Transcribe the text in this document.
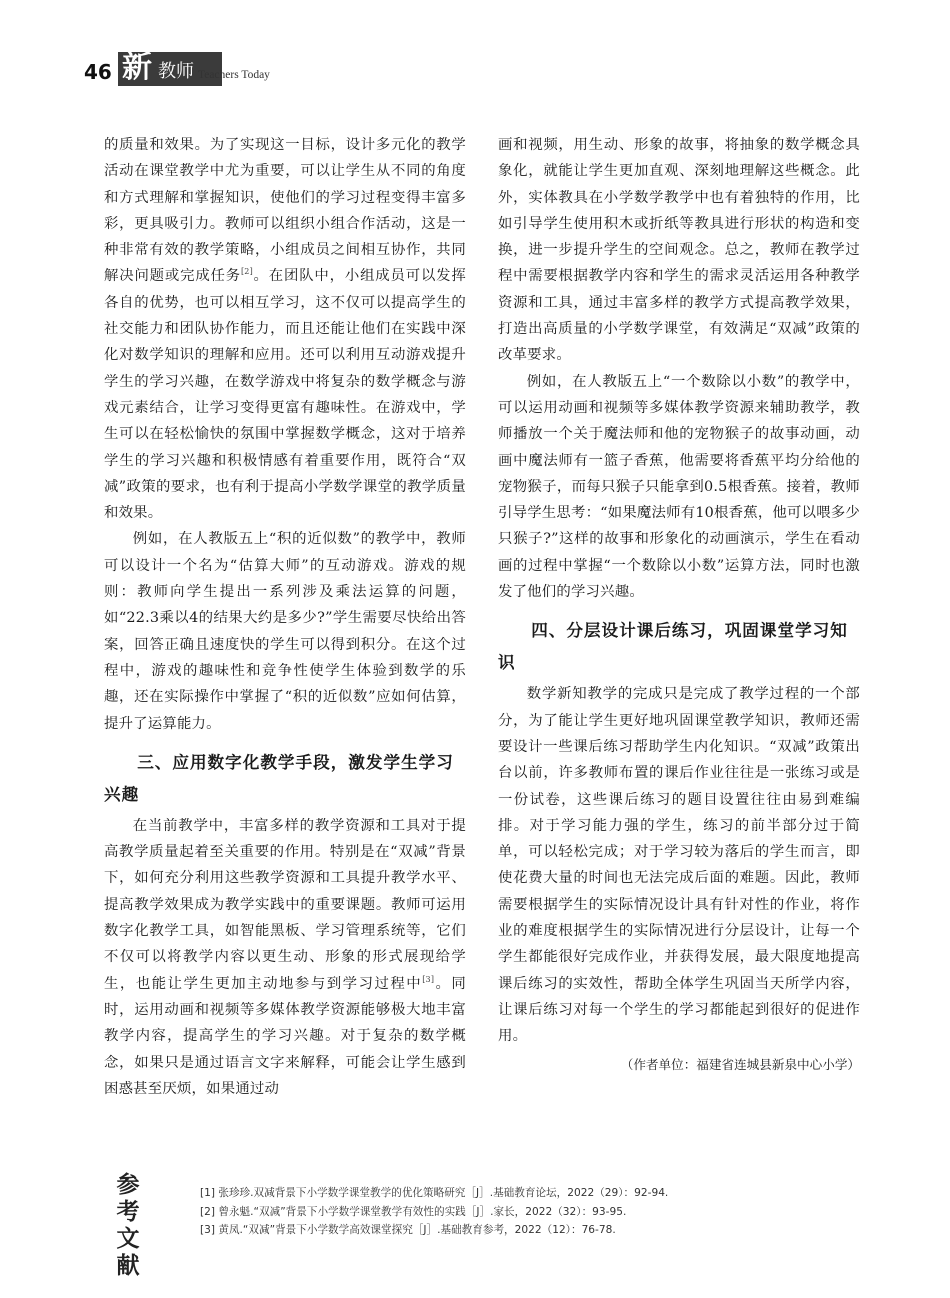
46 新 教师 Teachers Today

的质量和效果。为了实现这一目标，设计多元化的教学活动在课堂教学中尤为重要，可以让学生从不同的角度和方式理解和掌握知识，使他们的学习过程变得丰富多彩，更具吸引力。教师可以组织小组合作活动，这是一种非常有效的教学策略，小组成员之间相互协作，共同解决问题或完成任务[2]。在团队中，小组成员可以发挥各自的优势，也可以相互学习，这不仅可以提高学生的社交能力和团队协作能力，而且还能让他们在实践中深化对数学知识的理解和应用。还可以利用互动游戏提升学生的学习兴趣，在数学游戏中将复杂的数学概念与游戏元素结合，让学习变得更富有趣味性。在游戏中，学生可以在轻松愉快的氛围中掌握数学概念，这对于培养学生的学习兴趣和积极情感有着重要作用，既符合“双减”政策的要求，也有利于提高小学数学课堂的教学质量和效果。

例如，在人教版五上“积的近似数”的教学中，教师可以设计一个名为“估算大师”的互动游戏。游戏的规则：教师向学生提出一系列涉及乘法运算的问题，如“22.3乘以4的结果大约是多少?”学生需要尽快给出答案，回答正确且速度快的学生可以得到积分。在这个过程中，游戏的趣味性和竞争性使学生体验到数学的乐趣，还在实际操作中掌握了“积的近似数”应如何估算，提升了运算能力。

三、应用数字化教学手段，激发学生学习兴趣

在当前教学中，丰富多样的教学资源和工具对于提高教学质量起着至关重要的作用。特别是在“双减”背景下，如何充分利用这些教学资源和工具提升教学水平、提高教学效果成为教学实践中的重要课题。教师可运用数字化教学工具，如智能黑板、学习管理系统等，它们不仅可以将教学内容以更生动、形象的形式展现给学生，也能让学生更加主动地参与到学习过程中[3]。同时，运用动画和视频等多媒体教学资源能够极大地丰富教学内容，提高学生的学习兴趣。对于复杂的数学概念，如果只是通过语言文字来解释，可能会让学生感到困惑甚至厌烦，如果通过动

画和视频，用生动、形象的故事，将抽象的数学概念具象化，就能让学生更加直观、深刻地理解这些概念。此外，实体教具在小学数学教学中也有着独特的作用，比如引导学生使用积木或折纸等教具进行形状的构造和变换，进一步提升学生的空间观念。总之，教师在教学过程中需要根据教学内容和学生的需求灵活运用各种教学资源和工具，通过丰富多样的教学方式提高教学效果，打造出高质量的小学数学课堂，有效满足“双减”政策的改革要求。

例如，在人教版五上“一个数除以小数”的教学中，可以运用动画和视频等多媒体教学资源来辅助教学，教师播放一个关于魔法师和他的宠物猴子的故事动画，动画中魔法师有一篮子香蕉，他需要将香蕉平均分给他的宠物猴子，而每只猴子只能拿到0.5根香蕉。接着，教师引导学生思考：“如果魔法师有10根香蕉，他可以喂多少只猴子?”这样的故事和形象化的动画演示，学生在看动画的过程中掌握“一个数除以小数”运算方法，同时也激发了他们的学习兴趣。

四、分层设计课后练习，巩固课堂学习知识

数学新知教学的完成只是完成了教学过程的一个部分，为了能让学生更好地巩固课堂教学知识，教师还需要设计一些课后练习帮助学生内化知识。“双减”政策出台以前，许多教师布置的课后作业往往是一张练习或是一份试卷，这些课后练习的题目设置往往由易到难编排。对于学习能力强的学生，练习的前半部分过于简单，可以轻松完成；对于学习较为落后的学生而言，即使花费大量的时间也无法完成后面的难题。因此，教师需要根据学生的实际情况设计具有针对性的作业，将作业的难度根据学生的实际情况进行分层设计，让每一个学生都能很好完成作业，并获得发展，最大限度地提高课后练习的实效性，帮助全体学生巩固当天所学内容，让课后练习对每一个学生的学习都能起到很好的促进作用。

（作者单位：福建省连城县新泉中心小学）

参考文献
[1] 张珍珍.双减背景下小学数学课堂教学的优化策略研究［J］.基础教育论坛，2022（29）：92-94.
[2] 曾永魁.“双减”背景下小学数学课堂教学有效性的实践［J］.家长，2022（32）：93-95.
[3] 黄凤.“双减”背景下小学数学高效课堂探究［J］.基础教育参考，2022（12）：76-78.
